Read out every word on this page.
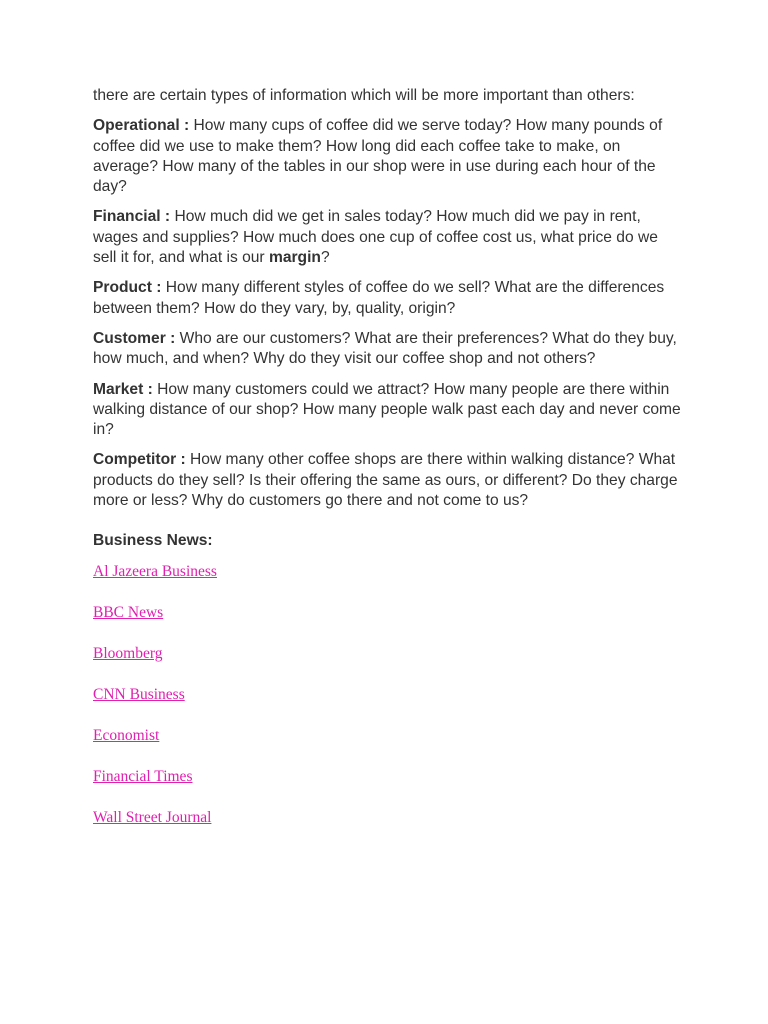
there are certain types of information which will be more important than others:

Operational : How many cups of coffee did we serve today? How many pounds of coffee did we use to make them? How long did each coffee take to make, on average? How many of the tables in our shop were in use during each hour of the day?

Financial : How much did we get in sales today? How much did we pay in rent, wages and supplies? How much does one cup of coffee cost us, what price do we sell it for, and what is our margin?

Product : How many different styles of coffee do we sell? What are the differences between them? How do they vary, by, quality, origin?

Customer : Who are our customers? What are their preferences? What do they buy, how much, and when? Why do they visit our coffee shop and not others?

Market : How many customers could we attract? How many people are there within walking distance of our shop? How many people walk past each day and never come in?

Competitor : How many other coffee shops are there within walking distance? What products do they sell? Is their offering the same as ours, or different? Do they charge more or less? Why do customers go there and not come to us?

Business News:
Al Jazeera Business
BBC News
Bloomberg
CNN Business
Economist
Financial Times
Wall Street Journal
